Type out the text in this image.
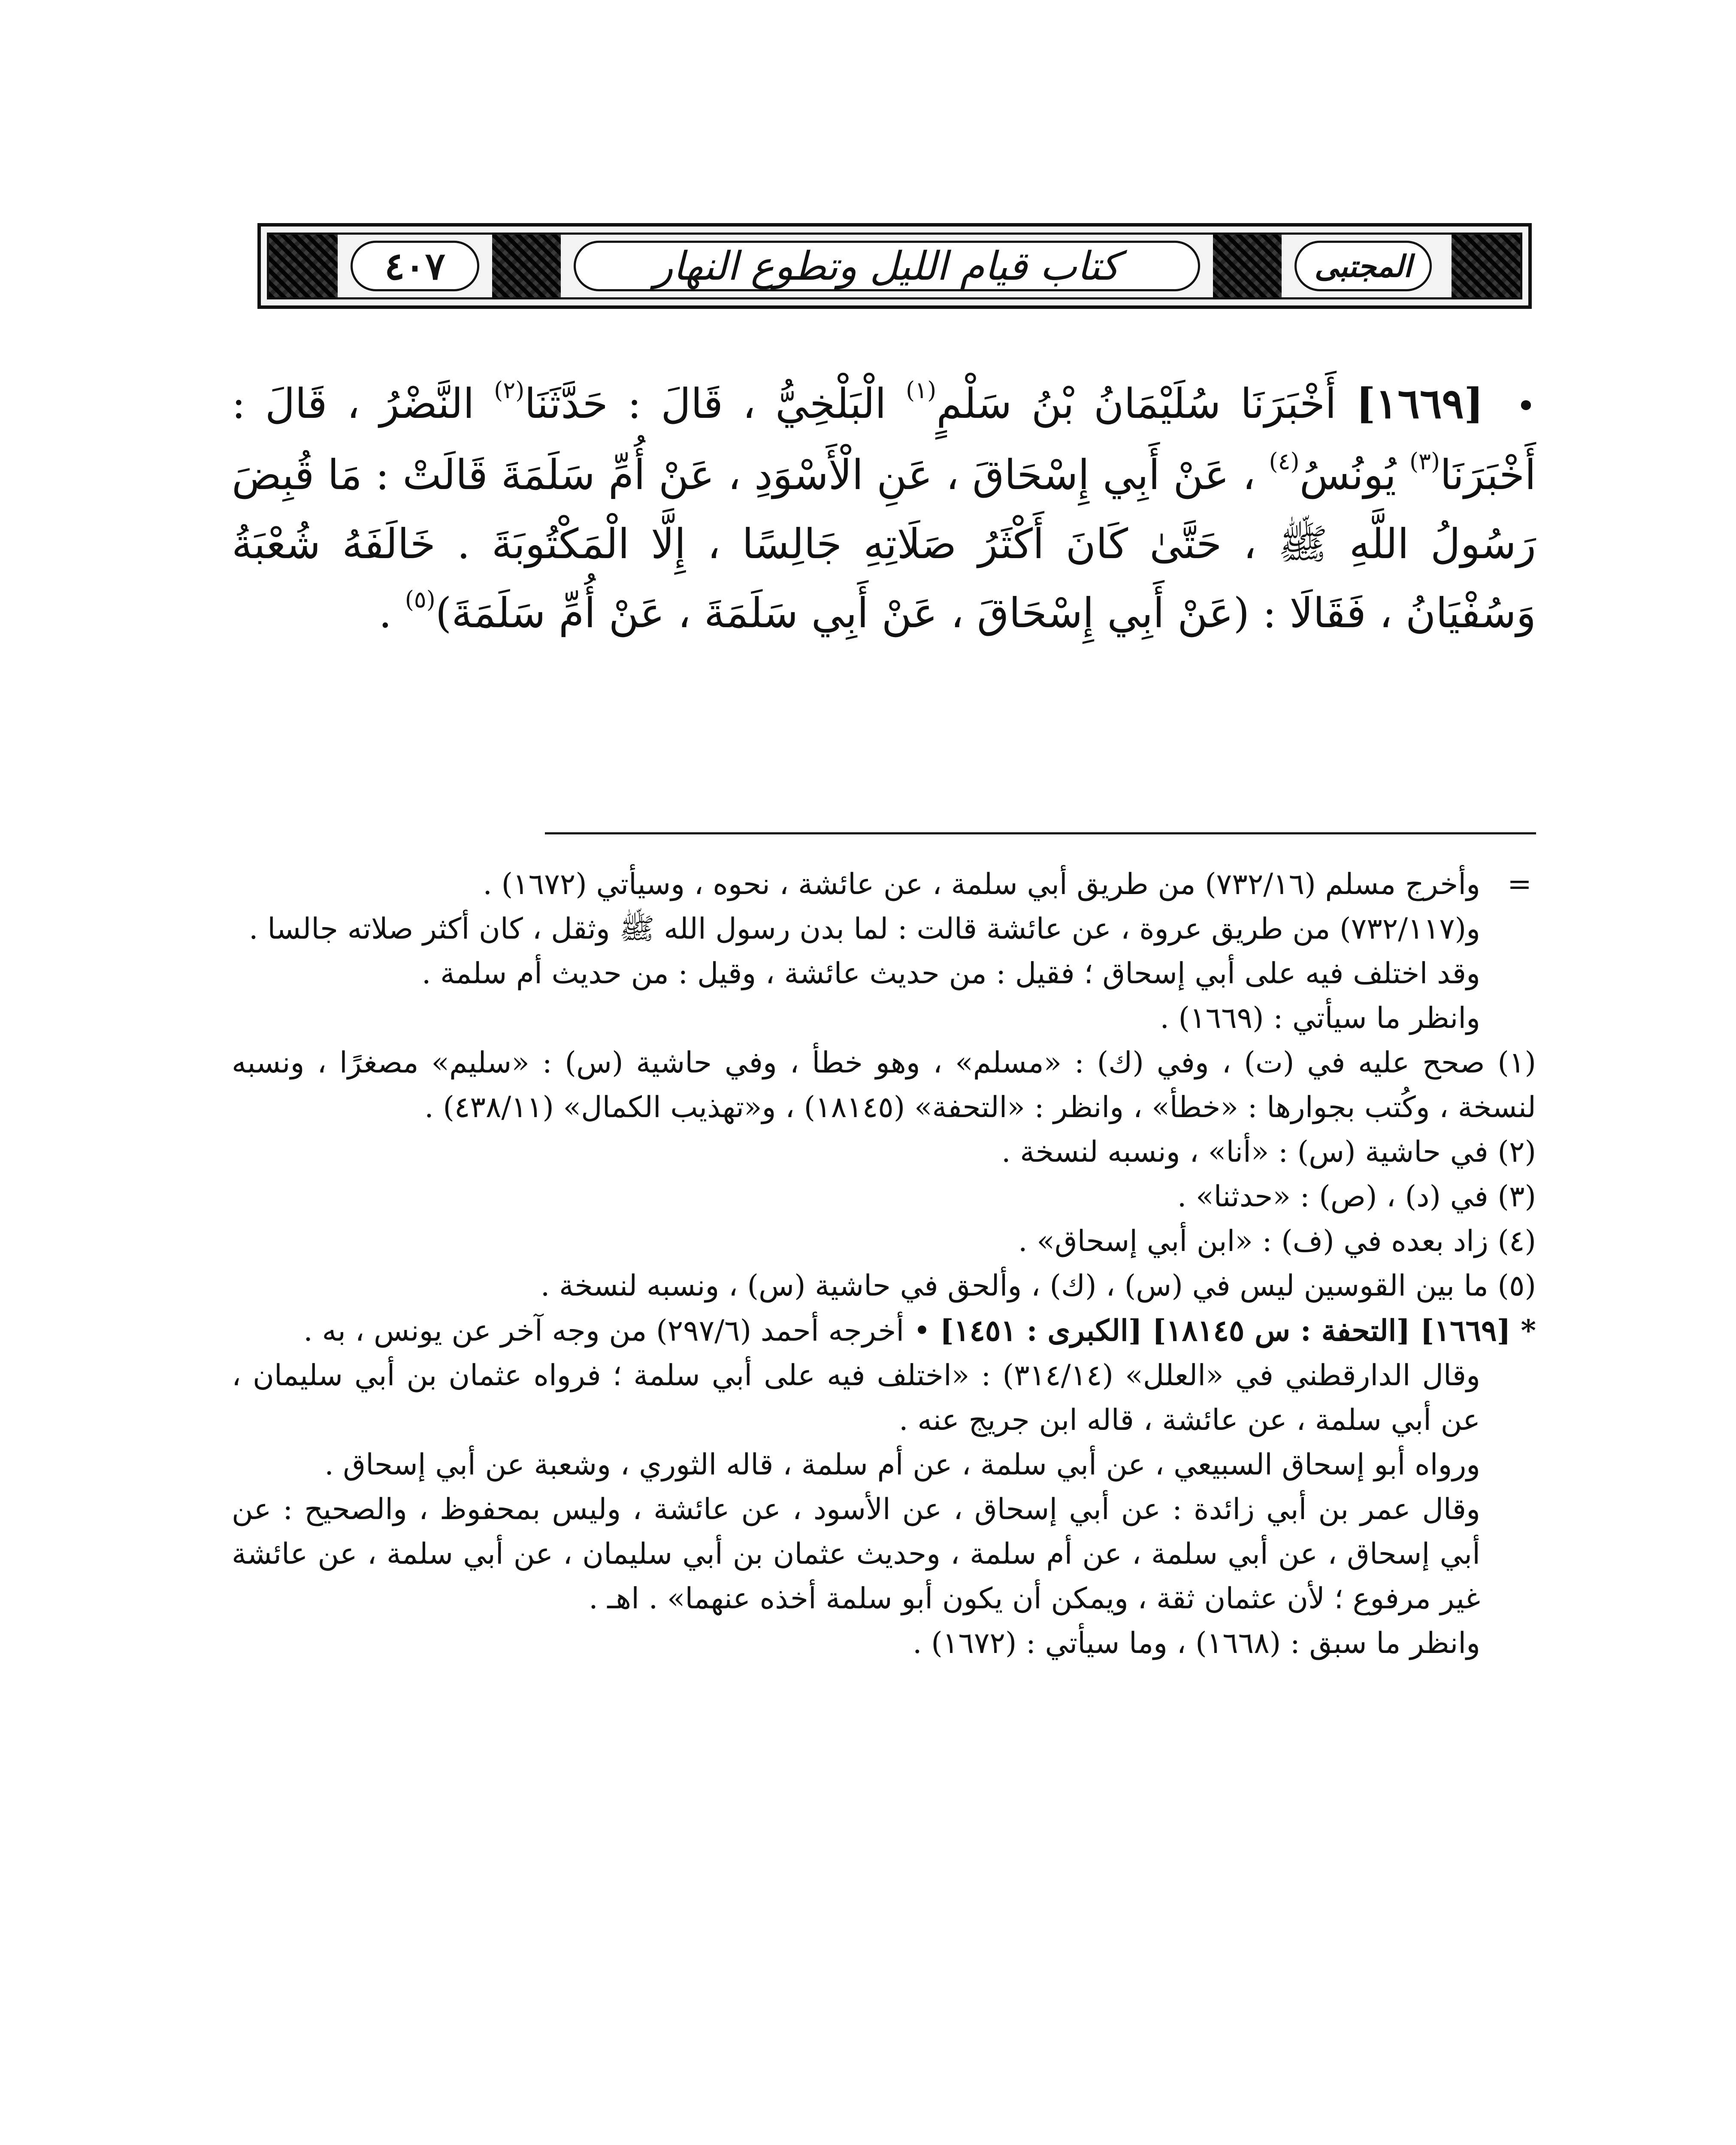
٤٠٧	كتاب قيام الليل وتطوع النهار	المجتبى

• [١٦٦٩] أَخْبَرَنَا سُلَيْمَانُ بْنُ سَلْمٍ$^{(١)}$ الْبَلْخِيُّ ، قَالَ : حَدَّثَنَا$^{(٢)}$ النَّضْرُ ، قَالَ : أَخْبَرَنَا$^{(٣)}$ يُونُسُ$^{(٤)}$ ، عَنْ أَبِي إِسْحَاقَ ، عَنِ الْأَسْوَدِ ، عَنْ أُمِّ سَلَمَةَ قَالَتْ : مَا قُبِضَ رَسُولُ اللَّهِ ﷺ ، حَتَّىٰ كَانَ أَكْثَرُ صَلَاتِهِ جَالِسًا ، إِلَّا الْمَكْتُوبَةَ . خَالَفَهُ شُعْبَةُ وَسُفْيَانُ ، فَقَالَا : (عَنْ أَبِي إِسْحَاقَ ، عَنْ أَبِي سَلَمَةَ ، عَنْ أُمِّ سَلَمَةَ)$^{(٥)}$ .

=وأخرج مسلم (٧٣٢/١٦) من طريق أبي سلمة ، عن عائشة ، نحوه ، وسيأتي (١٦٧٢) .

و(٧٣٢/١١٧) من طريق عروة ، عن عائشة قالت : لما بدن رسول الله ﷺ وثقل ، كان أكثر صلاته جالسا .

وقد اختلف فيه على أبي إسحاق ؛ فقيل : من حديث عائشة ، وقيل : من حديث أم سلمة .

وانظر ما سيأتي : (١٦٦٩) .

(١) صحح عليه في (ت) ، وفي (ك) : «مسلم» ، وهو خطأ ، وفي حاشية (س) : «سليم» مصغرًا ، ونسبه لنسخة ، وكُتب بجوارها : «خطأ» ، وانظر : «التحفة» (١٨١٤٥) ، و«تهذيب الكمال» (٤٣٨/١١) .

(٢) في حاشية (س) : «أنا» ، ونسبه لنسخة .

(٣) في (د) ، (ص) : «حدثنا» .

(٤) زاد بعده في (ف) : «ابن أبي إسحاق» .

(٥) ما بين القوسين ليس في (س) ، (ك) ، وألحق في حاشية (س) ، ونسبه لنسخة .

* [١٦٦٩] [التحفة : س ١٨١٤٥] [الكبرى : ١٤٥١] • أخرجه أحمد (٢٩٧/٦) من وجه آخر عن يونس ، به .

وقال الدارقطني في «العلل» (٣١٤/١٤) : «اختلف فيه على أبي سلمة ؛ فرواه عثمان بن أبي سليمان ، عن أبي سلمة ، عن عائشة ، قاله ابن جريج عنه .

ورواه أبو إسحاق السبيعي ، عن أبي سلمة ، عن أم سلمة ، قاله الثوري ، وشعبة عن أبي إسحاق .

وقال عمر بن أبي زائدة : عن أبي إسحاق ، عن الأسود ، عن عائشة ، وليس بمحفوظ ، والصحيح : عن أبي إسحاق ، عن أبي سلمة ، عن أم سلمة ، وحديث عثمان بن أبي سليمان ، عن أبي سلمة ، عن عائشة غير مرفوع ؛ لأن عثمان ثقة ، ويمكن أن يكون أبو سلمة أخذه عنهما» . اهـ .

وانظر ما سبق : (١٦٦٨) ، وما سيأتي : (١٦٧٢) .
